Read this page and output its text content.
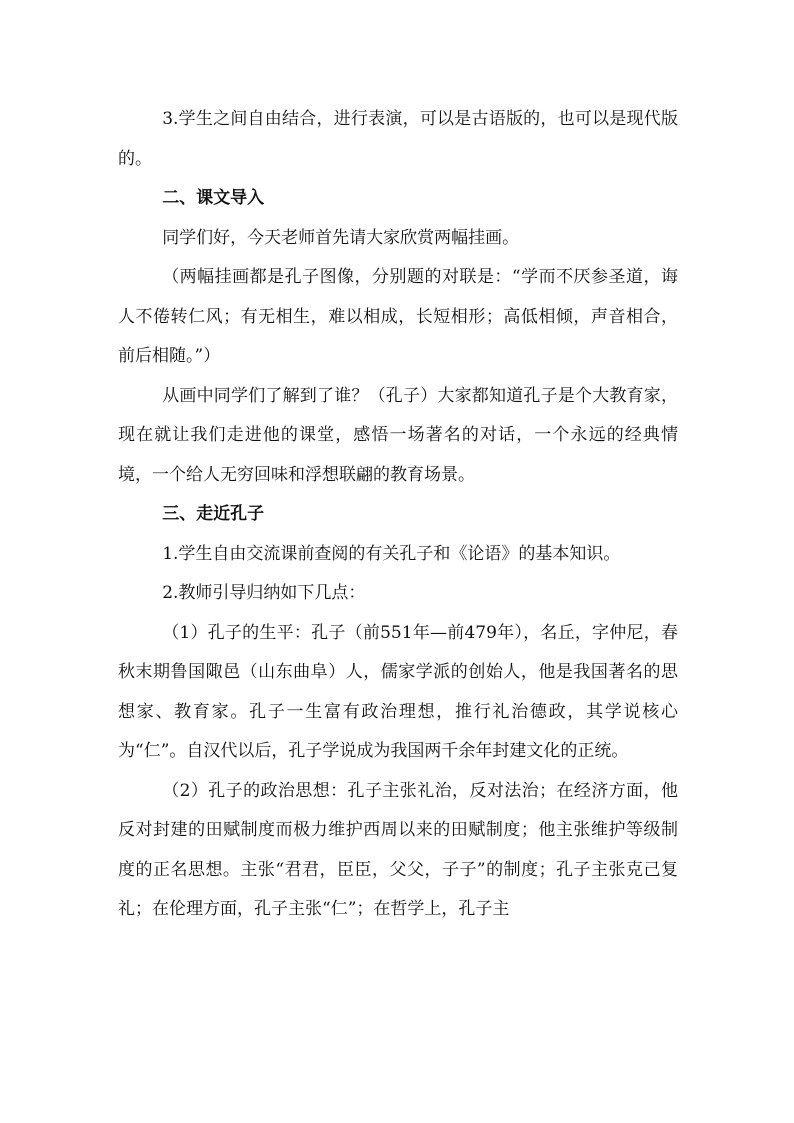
3.学生之间自由结合，进行表演，可以是古语版的，也可以是现代版的。

二、课文导入

同学们好，今天老师首先请大家欣赏两幅挂画。

（两幅挂画都是孔子图像，分别题的对联是：“学而不厌参圣道，诲人不倦转仁风；有无相生，难以相成，长短相形；高低相倾，声音相合，前后相随。”）

从画中同学们了解到了谁？（孔子）大家都知道孔子是个大教育家，现在就让我们走进他的课堂，感悟一场著名的对话，一个永远的经典情境，一个给人无穷回味和浮想联翩的教育场景。

三、走近孔子

1.学生自由交流课前查阅的有关孔子和《论语》的基本知识。

2.教师引导归纳如下几点：

（1）孔子的生平：孔子（前551年—前479年），名丘，字仲尼，春秋末期鲁国陬邑（山东曲阜）人，儒家学派的创始人，他是我国著名的思想家、教育家。孔子一生富有政治理想，推行礼治德政，其学说核心为“仁”。自汉代以后，孔子学说成为我国两千余年封建文化的正统。

（2）孔子的政治思想：孔子主张礼治，反对法治；在经济方面，他反对封建的田赋制度而极力维护西周以来的田赋制度；他主张维护等级制度的正名思想。主张“君君，臣臣，父父，子子”的制度；孔子主张克己复礼；在伦理方面，孔子主张“仁”；在哲学上，孔子主
